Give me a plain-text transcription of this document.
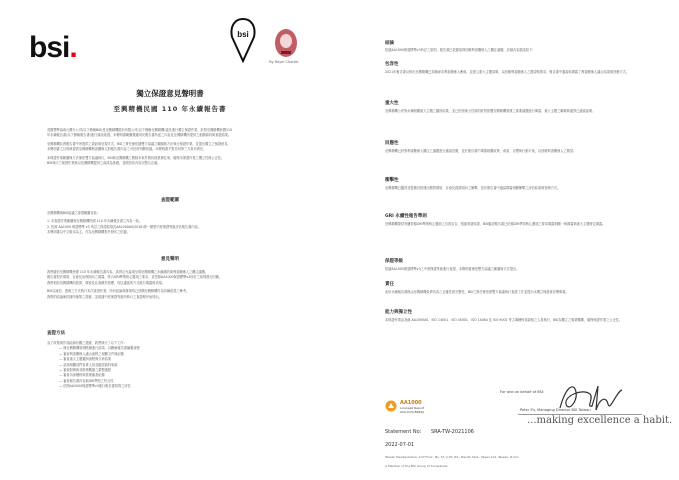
bsi.	bsi
By Royal Charter
獨立保證意見聲明書
至興精機民國 110 年永續報告書

英國標準協會台灣分公司(以下簡稱BSI)受至興精機股份有限公司(以下簡稱至興精機)委託進行獨立保證作業，針對至興精機民國110

年永續報告書(以下簡稱報告書)進行資訊查證。本聲明書範圍僅適用於報告書所述之內容及至興精機所提供之相關資料與查證結果。

至興精機負責報告書中所提供之資訊與呈現方式，BSI之責任係依據雙方協議之範圍與方法執行保證作業，並提出獨立之保證意見。

本聲明書之目的係提供至興精機利害關係人對報告書內容之可信度判斷依據，本聲明書不對任何第三方負有責任。

本保證作業範圍與方法係依雙方協議執行，BSI與至興精機之間除本案外無其他業務往來，確保本保證作業之獨立性與公正性。

BSI執行之保證作業係以至興精機提供之資訊為基礎，並假設其內容完整且正確。

查證範圍

至興精機與BSI協議之查證範圍包括：

1. 本查證作業範圍與至興精機民國 110 年永續報告書之內容一致。

2. 依照 AA1000 保證標準 v3 所訂之保證原則及AA1000AS(2018)第一類型中度保證等級評估報告書內容。

本聲明書以中文版本為主，作為至興精機對外發布之依據。

意見聲明

我們確信至興精機民國 110 年永續報告書內容，真實且允當地呈現至興精機之永續績效與利害關係人之關注議題。

報告書對於環境、社會及治理面向之揭露，符合GRI準則核心選項之要求，並依照AA1000保證標準v3所訂之原則進行回應。

我們相信至興精機的經濟、環境及社會績效指標，均以適當的方式進行揭露與呈現。

BSI以誠信、透明之方式執行本次查證作業，所有結論與發現均已回饋至興精機作為持續改善之參考。

我們的結論係依據所蒐集之證據，並根據中度保證等級所執行之查證程序而得出。

查證方法

為了收集與作成結論有關之證據，我們執行了以下工作：

— 與至興精機管理階層進行訪談，以瞭解報告書編製流程
— 審查利害關係人議合流程之相關文件與紀錄
— 審查重大主題鑑別流程與分析結果
— 訪談相關部門負責人員並確認資料來源
— 審查財務與非財務數據之彙整過程
— 審查內部稽核與管理審查紀錄
— 審查報告書內容與GRI準則之符合性
— 依照AA1000保證標準v3進行報告書原則之評估
結論

依據AA1000保證標準v3所訂之原則，報告書已依據原則回應利害關係人之關注議題，詳細內容描述如下：

包容性

2021年報告書反映出至興精機已持續尋求利害關係人參與，並建立重大主題清單，以回應利害關係人之期望與需求。報告書中適當地揭露了利害關係人議合結果與回應方式。

重大性

至興精機公布對永續相關重大主題之鑑別結果，並已依照重大性原則針對影響至興精機營運之重要議題進行揭露，重大主題之範疇與邊界已適當說明。

回應性

至興精機已針對利害關係人關注之議題進行適當回應，並於報告書中揭露相關政策、承諾、目標與行動方案，以回應利害關係人之期望。

衝擊性

至興精機已鑑別並監測其營運活動對環境、社會及經濟面向之衝擊，並於報告書中適當揭露相關衝擊之評估結果與管理方式。

GRI 永續性報告準則

至興精機提供有關依循GRI準則核心選項之自我宣告，根據查證結果，BSI確認報告書已依循GRI準則核心選項之要求揭露相關一般揭露與重大主題特定揭露。

保證等級

依據AA1000保證標準v3之中度保證等級進行查證，本聲明書係依雙方協議之範圍與方法提出。

責任

此份永續報告書係由至興精機負責內容之正確性與完整性，BSI之責任係依照雙方協議執行查證工作並提出本獨立保證意見聲明書。

能力與獨立性

本保證作業由具備 AA1000AS、ISO 14001、ISO 45001、ISO 14064 及 ISO 9001 等主導稽核員資格之人員執行，BSI為獨立之專業機構，確保保證作業之公正性。

For and on behalf of BSI:
Peter Pu, Managing Director BSI Taiwan
AA1000
Licensed Report
000-4/V3-BRKZJ
...making excellence a habit.
Statement No: SRA-TW-2021106
2022-07-01
Taiwan Headquarters: 2nd Floor, No. 37, Ji-Hu Rd., Nei-Hu Dist., Taipei 114, Taiwan, R.O.C.
A Member of the BSI Group of Companies.
